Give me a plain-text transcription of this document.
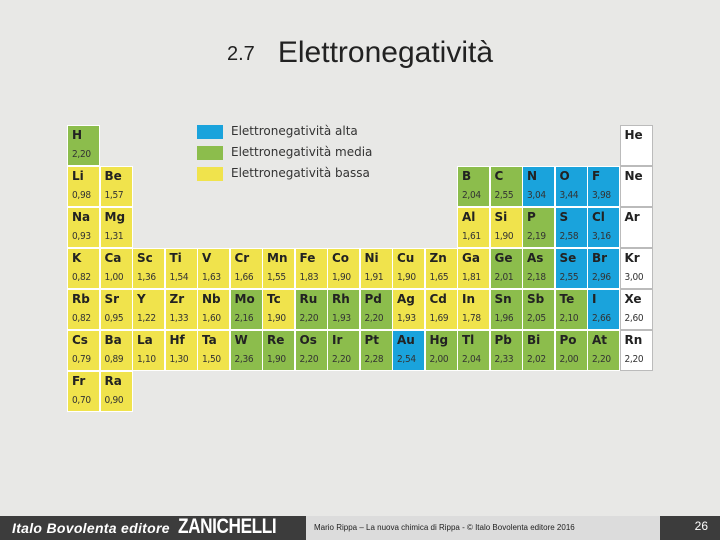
2.7 Elettronegatività
H
2,20
He
Li
0,98
Be
1,57
B
2,04
C
2,55
N
3,04
O
3,44
F
3,98
Ne
Na
0,93
Mg
1,31
Al
1,61
Si
1,90
P
2,19
S
2,58
Cl
3,16
Ar
K
0,82
Ca
1,00
Sc
1,36
Ti
1,54
V
1,63
Cr
1,66
Mn
1,55
Fe
1,83
Co
1,90
Ni
1,91
Cu
1,90
Zn
1,65
Ga
1,81
Ge
2,01
As
2,18
Se
2,55
Br
2,96
Kr
3,00
Rb
0,82
Sr
0,95
Y
1,22
Zr
1,33
Nb
1,60
Mo
2,16
Tc
1,90
Ru
2,20
Rh
1,93
Pd
2,20
Ag
1,93
Cd
1,69
In
1,78
Sn
1,96
Sb
2,05
Te
2,10
I
2,66
Xe
2,60
Cs
0,79
Ba
0,89
La
1,10
Hf
1,30
Ta
1,50
W
2,36
Re
1,90
Os
2,20
Ir
2,20
Pt
2,28
Au
2,54
Hg
2,00
Tl
2,04
Pb
2,33
Bi
2,02
Po
2,00
At
2,20
Rn
2,20
Fr
0,70
Ra
0,90
Elettronegatività alta
Elettronegatività media
Elettronegatività bassa
Italo Bovolenta editore ZANICHELLI	Mario Rippa – La nuova chimica di Rippa - © Italo Bovolenta editore 2016	26
